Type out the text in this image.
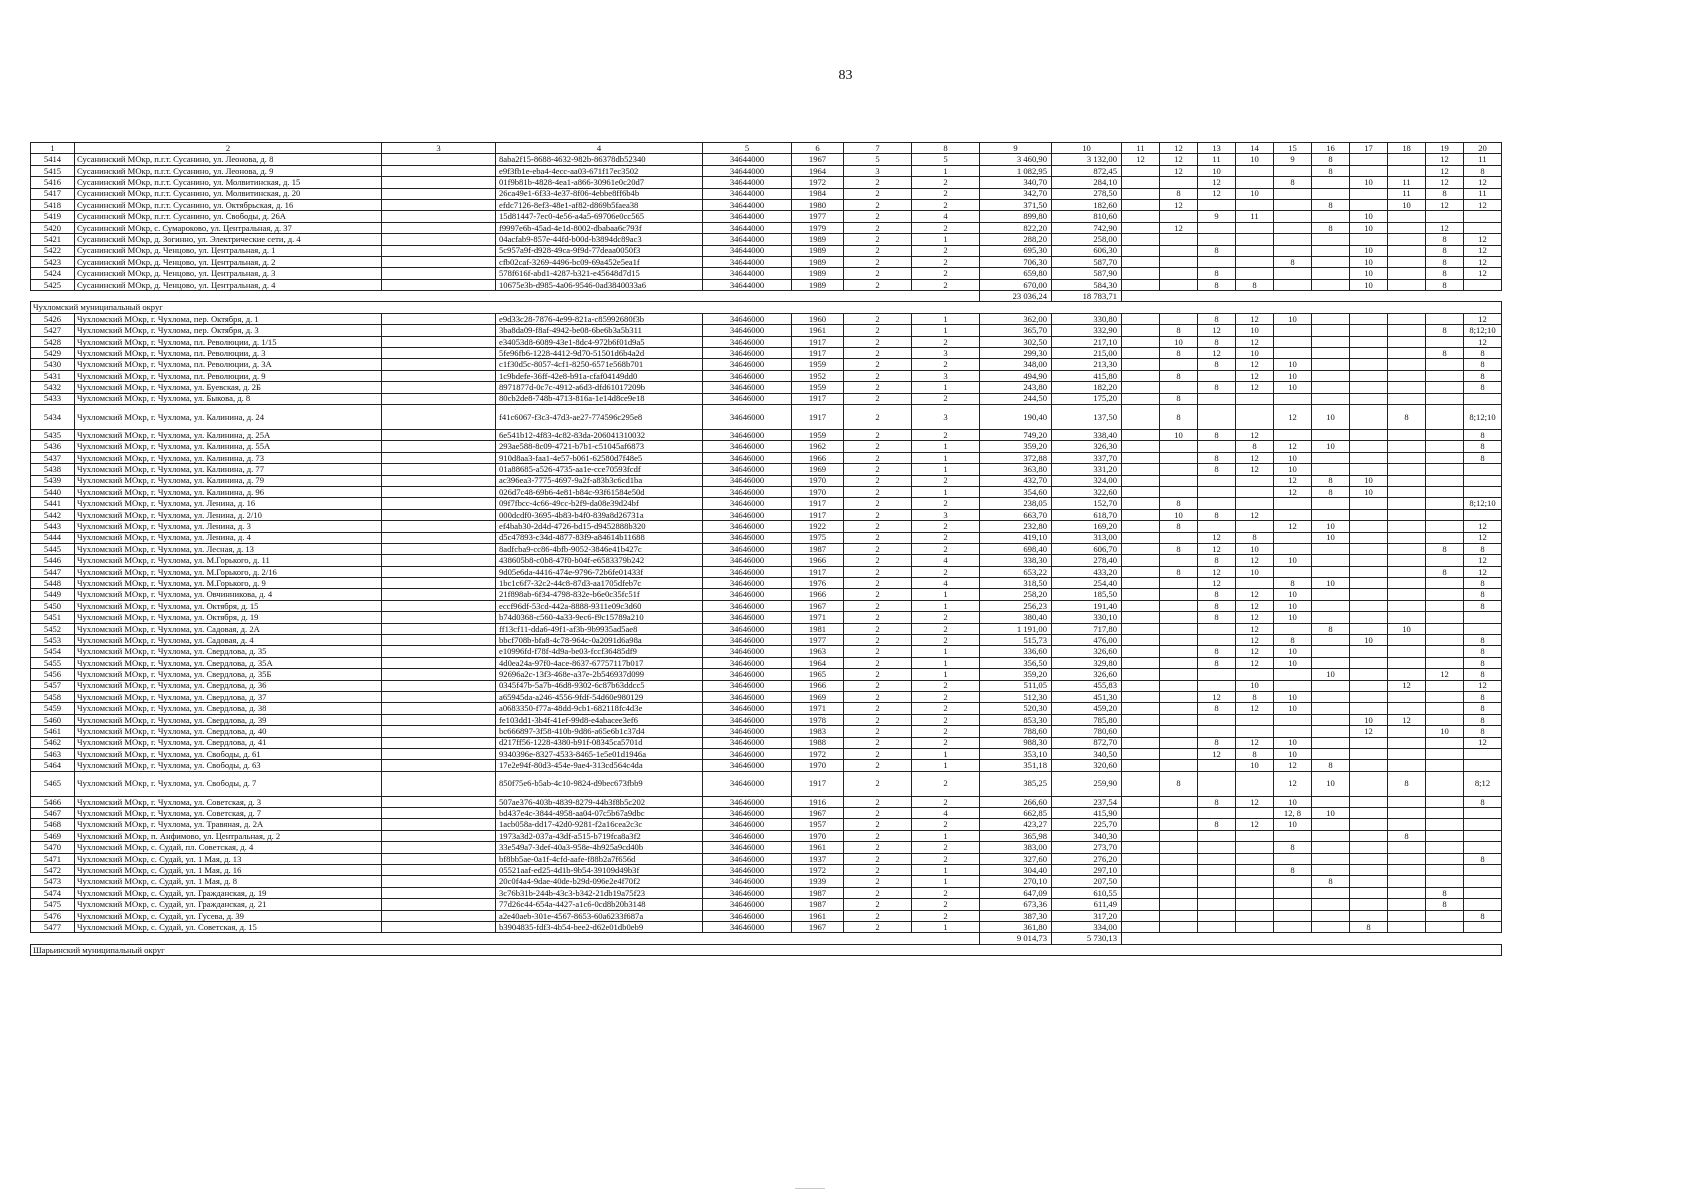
83
1	2	3	4	5	6	7	8	9	10	11	12	13	14	15	16	17	18	19	20
5414	Сусанинский МОкр, п.г.т. Сусанино, ул. Леонова, д. 8		8aba2f15-8688-4632-982b-86378db52340	34644000	1967	5	5	3 460,90	3 132,00	12	12	11	10	9	8			12	11
5415	Сусанинский МОкр, п.г.т. Сусанино, ул. Леонова, д. 9		e9f3fb1e-eba4-4ecc-aa03-671f17ec3502	34644000	1964	3	1	1 082,95	872,45		12	10			8			12	8
5416	Сусанинский МОкр, п.г.т. Сусанино, ул. Молвитинская, д. 15		01f9b81b-4828-4ea1-a866-30961e0c20d7	34644000	1972	2	2	340,70	284,10			12		8		10	11	12	12
5417	Сусанинский МОкр, п.г.т. Сусанино, ул. Молвитинская, д. 20		26ca49e1-6f33-4e37-8f06-4ebbe8ff6b4b	34644000	1984	2	2	342,70	278,50		8	12	10				11	8	11
5418	Сусанинский МОкр, п.г.т. Сусанино, ул. Октябрьская, д. 16		efdc7126-8ef3-48e1-af82-d869b5faea38	34644000	1980	2	2	371,50	182,60		12				8		10	12	12
5419	Сусанинский МОкр, п.г.т. Сусанино, ул. Свободы, д. 26А		15d81447-7ec0-4e56-a4a5-69706e0cc565	34644000	1977	2	4	899,80	810,60			9	11			10			
5420	Сусанинский МОкр, с. Сумароково, ул. Центральная, д. 37		f9997e6b-45ad-4e1d-8002-dbabaa6c793f	34644000	1979	2	2	822,20	742,90		12				8	10		12	
5421	Сусанинский МОкр, д. Зогинно, ул. Электрические сети, д. 4		04acfab9-857e-44fd-b00d-b3894dc89ac3	34644000	1989	2	1	288,20	258,00									8	12
5422	Сусанинский МОкр, д. Ченцово, ул. Центральная, д. 1		5c957a9f-d928-49ca-9f9d-77deaa0050f3	34644000	1989	2	2	695,30	606,30			8				10		8	12
5423	Сусанинский МОкр, д. Ченцово, ул. Центральная, д. 2		cfb02caf-3269-4496-bc09-69a452e5ea1f	34644000	1989	2	2	706,30	587,70					8		10		8	12
5424	Сусанинский МОкр, д. Ченцово, ул. Центральная, д. 3		578f616f-abd1-4287-b321-e45648d7d15	34644000	1989	2	2	659,80	587,90			8				10		8	12
5425	Сусанинский МОкр, д. Ченцово, ул. Центральная, д. 4		10675e3b-d985-4a06-9546-0ad3840033a6	34644000	1989	2	2	670,00	584,30			8	8			10		8	
								23 036,24	18 783,71										
Чухломский муниципальный округ																			
5426	Чухломский МОкр, г. Чухлома, пер. Октября, д. 1		e9d33c28-7876-4e99-821a-c85992680f3b	34646000	1960	2	1	362,00	330,80			8	12	10					12
5427	Чухломский МОкр, г. Чухлома, пер. Октября, д. 3		3ba8da09-f8af-4942-be08-6be6b3a5b311	34646000	1961	2	1	365,70	332,90		8	12	10					8	8;12;10
5428	Чухломский МОкр, г. Чухлома, пл. Революции, д. 1/15		e34053d8-6089-43e1-8dc4-972b6f01d9a5	34646000	1917	2	2	302,50	217,10		10	8	12						12
5429	Чухломский МОкр, г. Чухлома, пл. Революции, д. 3		5fe96fb6-1228-4412-9d70-51501d6b4a2d	34646000	1917	2	3	299,30	215,00		8	12	10					8	8
5430	Чухломский МОкр, г. Чухлома, пл. Революции, д. 3А		c1f30d5c-8057-4cf1-8250-6571e568b701	34646000	1959	2	2	348,00	213,30			8	12	10					8
5431	Чухломский МОкр, г. Чухлома, пл. Революции, д. 9		1c9bdefe-36ff-42e8-b91a-cfaf04149dd0	34646000	1952	2	3	494,90	415,80		8		12	10					8
5432	Чухломский МОкр, г. Чухлома, ул. Буевская, д. 2Б		8971877d-0c7c-4912-a6d3-dfd61017209b	34646000	1959	2	1	243,80	182,20			8	12	10					8
5433	Чухломский МОкр, г. Чухлома, ул. Быкова, д. 8		80cb2de8-748b-4713-816a-1e14d8ce9e18	34646000	1917	2	2	244,50	175,20		8								
5434	Чухломский МОкр, г. Чухлома, ул. Калинина, д. 24		f41c6067-f3c3-47d3-ae27-774596c295e8	34646000	1917	2	3	190,40	137,50		8			12	10		8		8;12;10
5435	Чухломский МОкр, г. Чухлома, ул. Калинина, д. 25А		6e541b12-4f83-4c82-83da-206041310032	34646000	1959	2	2	749,20	338,40		10	8	12						8
5436	Чухломский МОкр, г. Чухлома, ул. Калинина, д. 55А		293ae588-8c09-4721-b7b1-c51045af6873	34646000	1962	2	1	359,20	326,30				8	12	10				8
5437	Чухломский МОкр, г. Чухлома, ул. Калинина, д. 73		910d8aa3-faa1-4e57-b061-62580d7f48e5	34646000	1966	2	1	372,88	337,70			8	12	10					8
5438	Чухломский МОкр, г. Чухлома, ул. Калинина, д. 77		01a88685-a526-4735-aa1e-cce70593fcdf	34646000	1969	2	1	363,80	331,20			8	12	10					
5439	Чухломский МОкр, г. Чухлома, ул. Калинина, д. 79		ac396ea3-7775-4697-9a2f-a83b3c6cd1ba	34646000	1970	2	2	432,70	324,00					12	8	10			
5440	Чухломский МОкр, г. Чухлома, ул. Калинина, д. 96		026d7c48-69b6-4e81-b84c-93f61584e50d	34646000	1970	2	1	354,60	322,60					12	8	10			
5441	Чухломский МОкр, г. Чухлома, ул. Ленина, д. 16		09f7fbcc-4c66-49cc-b2f9-da08e39d24bf	34646000	1917	2	2	238,05	152,70		8								8;12;10
5442	Чухломский МОкр, г. Чухлома, ул. Ленина, д. 2/10		000dcdf0-3695-4b83-b4f0-839a8d26731a	34646000	1917	2	3	663,70	618,70		10	8	12						
5443	Чухломский МОкр, г. Чухлома, ул. Ленина, д. 3		ef4bab30-2d4d-4726-bd15-d9452888b320	34646000	1922	2	2	232,80	169,20		8			12	10				12
5444	Чухломский МОкр, г. Чухлома, ул. Ленина, д. 4		d5c47893-c34d-4877-83f9-a84614b11688	34646000	1975	2	2	419,10	313,00			12	8		10				12
5445	Чухломский МОкр, г. Чухлома, ул. Лесная, д. 13		8adfcba9-cc86-4bfb-9052-3846e41b427c	34646000	1987	2	2	698,40	606,70		8	12	10					8	8
5446	Чухломский МОкр, г. Чухлома, ул. М.Горького, д. 11		438605b8-c0b8-47f0-b04f-e6583379b242	34646000	1966	2	4	338,30	278,40			8	12	10					12
5447	Чухломский МОкр, г. Чухлома, ул. М.Горького, д. 2/16		9d05e6da-4416-474e-9796-72b6fe01433f	34646000	1917	2	2	653,22	433,20		8	12	10					8	12
5448	Чухломский МОкр, г. Чухлома, ул. М.Горького, д. 9		1bc1c6f7-32c2-44c8-87d3-aa1705dfeb7c	34646000	1976	2	4	318,50	254,40			12		8	10				8
5449	Чухломский МОкр, г. Чухлома, ул. Овчинникова, д. 4		21f898ab-6f34-4798-832e-b6e0c35fc51f	34646000	1966	2	1	258,20	185,50			8	12	10					8
5450	Чухломский МОкр, г. Чухлома, ул. Октября, д. 15		eccf96df-53cd-442a-8888-9311e09c3d60	34646000	1967	2	1	256,23	191,40			8	12	10					8
5451	Чухломский МОкр, г. Чухлома, ул. Октября, д. 19		b74d0368-c560-4a33-9ec6-f9c15789a210	34646000	1971	2	2	380,40	330,10			8	12	10					
5452	Чухломский МОкр, г. Чухлома, ул. Садовая, д. 2А		ff13cf11-dda6-49f1-af3b-9b9935ad5ae8	34646000	1981	2	2	1 191,00	717,80				12		8		10		
5453	Чухломский МОкр, г. Чухлома, ул. Садовая, д. 4		bbcf708b-bfa8-4c78-964c-0a2091d6a98a	34646000	1977	2	2	515,73	476,00				12	8		10			8
5454	Чухломский МОкр, г. Чухлома, ул. Свердлова, д. 35		e10996fd-f78f-4d9a-be03-fccf36485df9	34646000	1963	2	1	336,60	326,60			8	12	10					8
5455	Чухломский МОкр, г. Чухлома, ул. Свердлова, д. 35А		4d0ea24a-97f0-4ace-8637-67757117b017	34646000	1964	2	1	356,50	329,80			8	12	10					8
5456	Чухломский МОкр, г. Чухлома, ул. Свердлова, д. 35Б		92696a2c-13f3-468e-a37e-2b546937d099	34646000	1965	2	1	359,20	326,60						10			12	8
5457	Чухломский МОкр, г. Чухлома, ул. Свердлова, д. 36		0345f47b-5a7b-46d8-9302-6c87b63ddcc5	34646000	1966	2	2	511,05	455,83				10				12		12
5458	Чухломский МОкр, г. Чухлома, ул. Свердлова, д. 37		a65945da-a246-4556-9fdf-54d60e980129	34646000	1969	2	2	512,30	451,30			12	8	10					8
5459	Чухломский МОкр, г. Чухлома, ул. Свердлова, д. 38		a0683350-f77a-48dd-9cb1-682118fc4d3e	34646000	1971	2	2	520,30	459,20			8	12	10					8
5460	Чухломский МОкр, г. Чухлома, ул. Свердлова, д. 39		fe103dd1-3b4f-41ef-99d8-e4abacee3ef6	34646000	1978	2	2	853,30	785,80							10	12		8
5461	Чухломский МОкр, г. Чухлома, ул. Свердлова, д. 40		bc666897-3f58-410b-9d86-a65e6b1c37d4	34646000	1983	2	2	788,60	780,60							12		10	8
5462	Чухломский МОкр, г. Чухлома, ул. Свердлова, д. 41		d217ff56-1228-4380-b91f-08345ca5701d	34646000	1988	2	2	988,30	872,70			8	12	10					12
5463	Чухломский МОкр, г. Чухлома, ул. Свободы, д. 61		9340396e-8327-4533-8465-1e5e01d1946a	34646000	1972	2	1	353,10	340,50			12	8	10					
5464	Чухломский МОкр, г. Чухлома, ул. Свободы, д. 63		17e2e94f-80d3-454e-9ae4-313cd564c4da	34646000	1970	2	1	351,18	320,60				10	12	8				
5465	Чухломский МОкр, г. Чухлома, ул. Свободы, д. 7		850f75e6-b5ab-4c10-9824-d9bec673fbb9	34646000	1917	2	2	385,25	259,90		8			12	10		8		8;12
5466	Чухломский МОкр, г. Чухлома, ул. Советская, д. 3		507ae376-403b-4839-8279-44b3f8b5c202	34646000	1916	2	2	266,60	237,54			8	12	10					8
5467	Чухломский МОкр, г. Чухлома, ул. Советская, д. 7		bd437e4c-3844-4958-aa04-07c5b67a9dbc	34646000	1967	2	4	662,85	415,90					12, 8	10				
5468	Чухломский МОкр, г. Чухлома, ул. Травяная, д. 2А		1acb058a-dd17-42d0-9281-f2a16cea2c3c	34646000	1957	2	2	423,27	225,70			8	12	10					
5469	Чухломский МОкр, п. Анфимово, ул. Центральная, д. 2		1973a3d2-037a-43df-a515-b719fca8a3f2	34646000	1970	2	1	365,98	340,30								8		
5470	Чухломский МОкр, с. Судай, пл. Советская, д. 4		33e549a7-3def-40a3-958e-4b925a9cd40b	34646000	1961	2	2	383,00	273,70					8					
5471	Чухломский МОкр, с. Судай, ул. 1 Мая, д. 13		bf8bb5ae-0a1f-4cfd-aafe-f88b2a7f656d	34646000	1937	2	2	327,60	276,20										8
5472	Чухломский МОкр, с. Судай, ул. 1 Мая, д. 16		05521aaf-ed25-4d1b-9b54-39109d49b3f	34646000	1972	2	1	304,40	297,10					8					
5473	Чухломский МОкр, с. Судай, ул. 1 Мая, д. 8		20c0f4a4-9dae-40de-b29d-096e2e4f70f2	34646000	1939	2	1	270,10	207,50						8				
5474	Чухломский МОкр, с. Судай, ул. Гражданская, д. 19		3c76b31b-244b-43c3-b342-21db19a75f23	34646000	1987	2	2	647,09	610,55									8	
5475	Чухломский МОкр, с. Судай, ул. Гражданская, д. 21		77d26c44-654a-4427-a1c6-0cd8b20b3148	34646000	1987	2	2	673,36	611,49									8	
5476	Чухломский МОкр, с. Судай, ул. Гусева, д. 39		a2e40aeb-301e-4567-8653-60a6233f687a	34646000	1961	2	2	387,30	317,20										8
5477	Чухломский МОкр, с. Судай, ул. Советская, д. 15		b3904835-fdf3-4b54-bee2-d62e01db0eb9	34646000	1967	2	1	361,80	334,00							8			
								9 014,73	5 730,13										
Шарьинский муниципальный округ																			
